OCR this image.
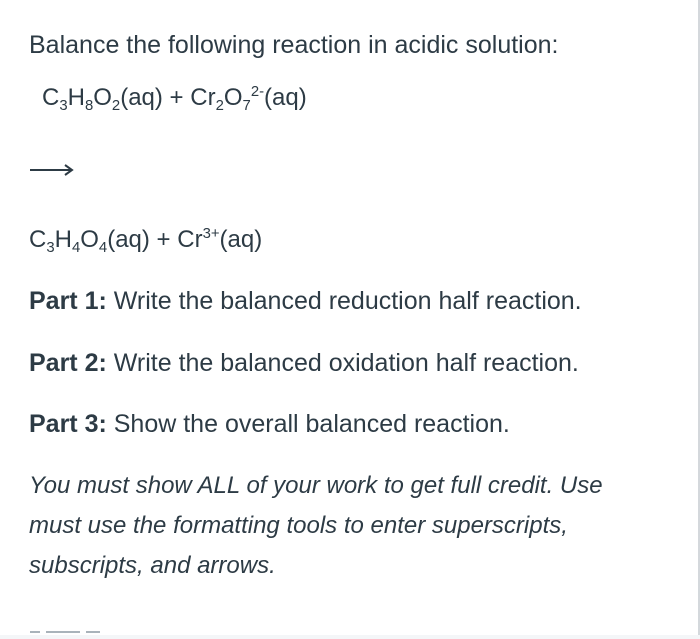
Balance the following reaction in acidic solution:
$C_3H_8O_2(aq) + Cr_2O_7^{2-}(aq)$
$C_3H_4O_4(aq) + Cr^{3+}(aq)$
Part 1: Write the balanced reduction half reaction.
Part 2: Write the balanced oxidation half reaction.
Part 3: Show the overall balanced reaction.
You must show ALL of your work to get full credit. Use must use the formatting tools to enter superscripts, subscripts, and arrows.
